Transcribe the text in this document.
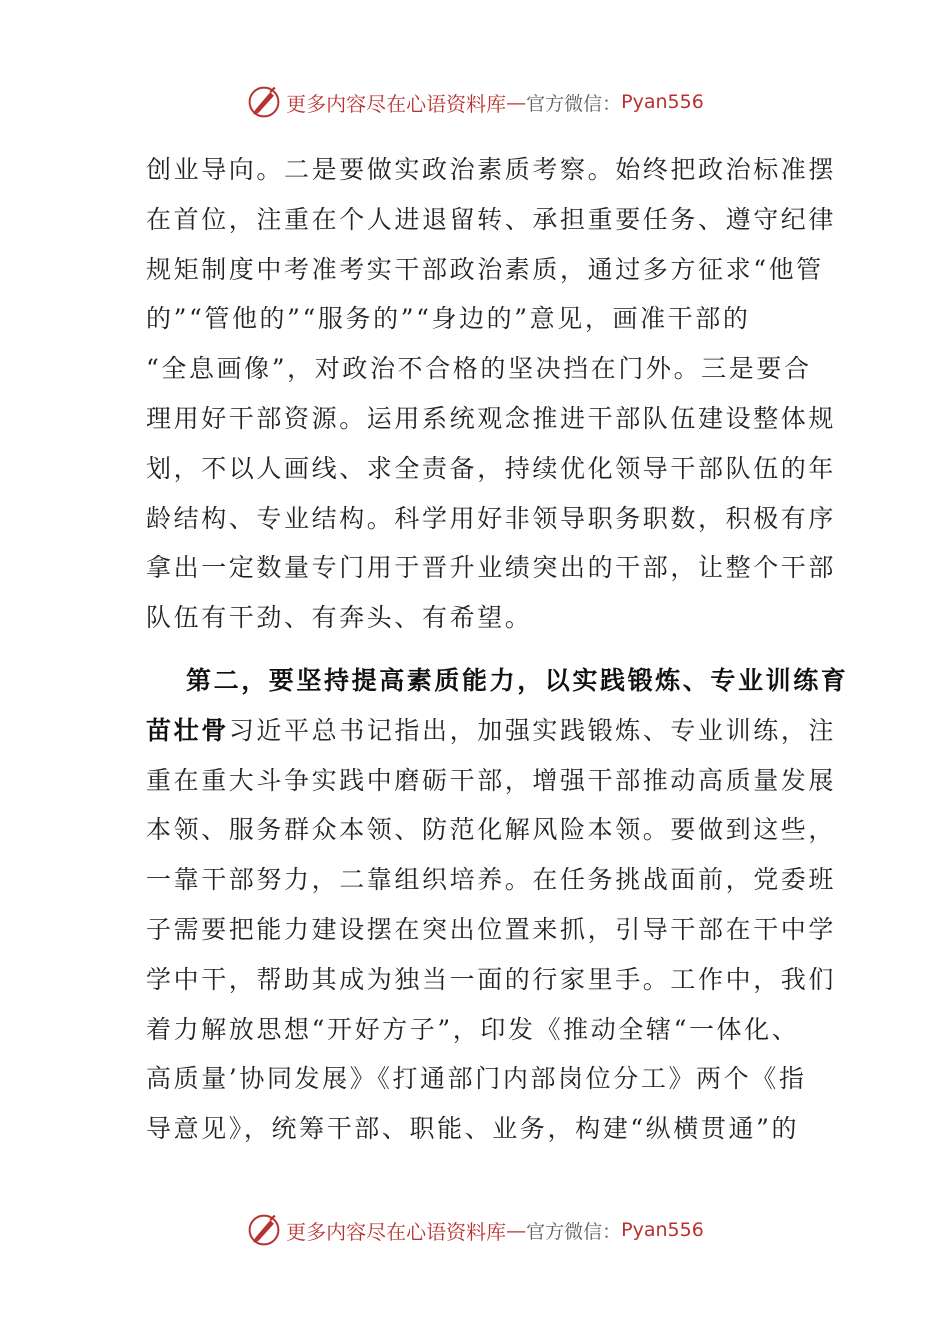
更多内容尽在心语资料库 — 官方微信： Pyan556
创业导向。二是要做实政治素质考察。始终把政治标准摆
在首位，注重在个人进退留转、承担重要任务、遵守纪律
规矩制度中考准考实干部政治素质，通过多方征求“他管
的”“管他的”“服务的”“身边的”意见，画准干部的
“全息画像”，对政治不合格的坚决挡在门外。三是要合
理用好干部资源。运用系统观念推进干部队伍建设整体规
划，不以人画线、求全责备，持续优化领导干部队伍的年
龄结构、专业结构。科学用好非领导职务职数，积极有序
拿出一定数量专门用于晋升业绩突出的干部，让整个干部
队伍有干劲、有奔头、有希望。
第二，要坚持提高素质能力，以实践锻炼、专业训练育
苗壮骨习近平总书记指出，加强实践锻炼、专业训练，注
重在重大斗争实践中磨砺干部，增强干部推动高质量发展
本领、服务群众本领、防范化解风险本领。要做到这些，
一靠干部努力，二靠组织培养。在任务挑战面前，党委班
子需要把能力建设摆在突出位置来抓，引导干部在干中学
学中干，帮助其成为独当一面的行家里手。工作中，我们
着力解放思想“开好方子”，印发《推动全辖“一体化、
高质量’协同发展》《打通部门内部岗位分工》两个《指
导意见》，统筹干部、职能、业务，构建“纵横贯通”的
更多内容尽在心语资料库 — 官方微信： Pyan556
